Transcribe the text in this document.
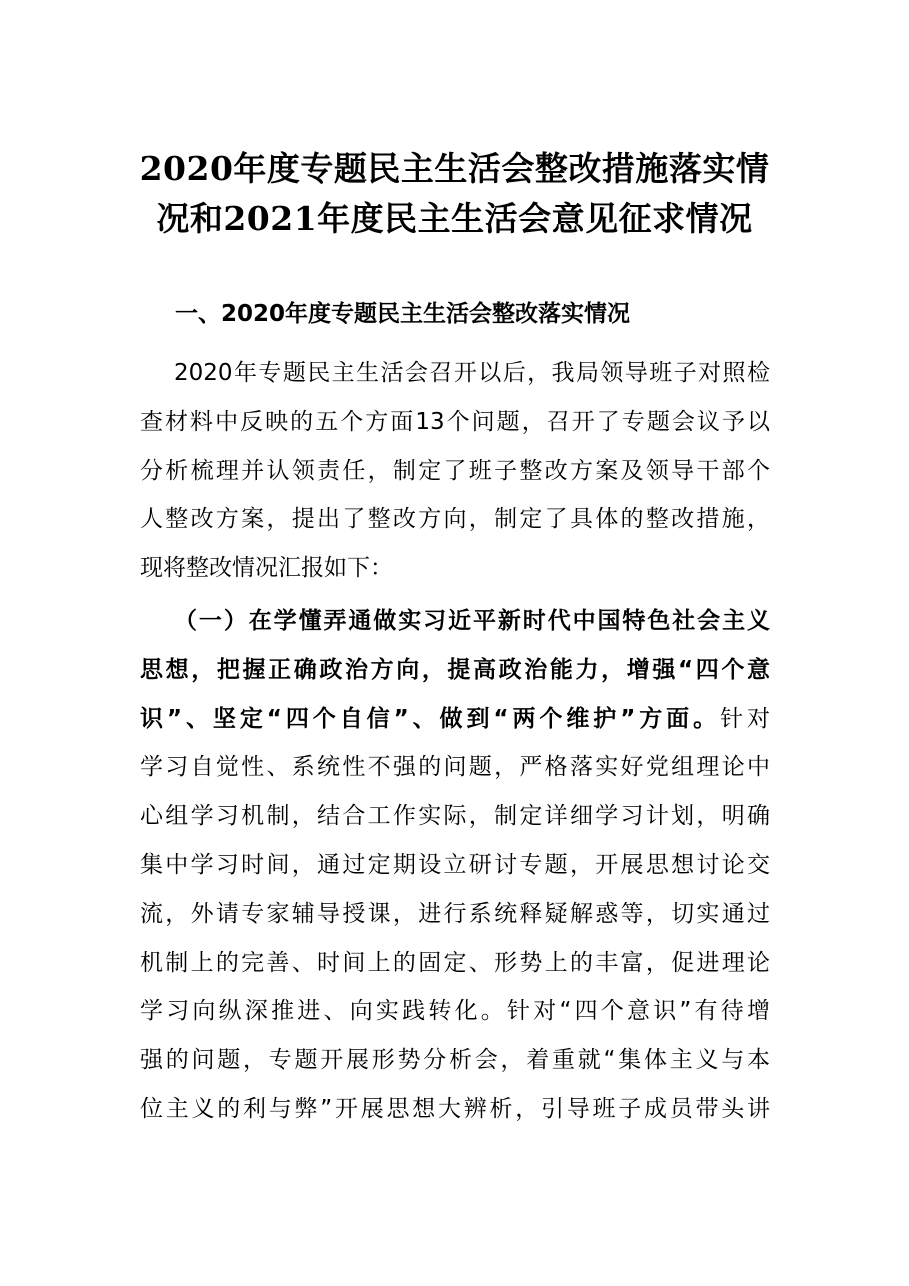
2020年度专题民主生活会整改措施落实情
况和2021年度民主生活会意见征求情况
一、2020年度专题民主生活会整改落实情况
2020年专题民主生活会召开以后，我局领导班子对照检
查材料中反映的五个方面13个问题，召开了专题会议予以
分析梳理并认领责任，制定了班子整改方案及领导干部个
人整改方案，提出了整改方向，制定了具体的整改措施，
现将整改情况汇报如下：
（一）在学懂弄通做实习近平新时代中国特色社会主义
思想，把握正确政治方向，提高政治能力，增强“四个意
识”、坚定“四个自信”、做到“两个维护”方面。针对
学习自觉性、系统性不强的问题，严格落实好党组理论中
心组学习机制，结合工作实际，制定详细学习计划，明确
集中学习时间，通过定期设立研讨专题，开展思想讨论交
流，外请专家辅导授课，进行系统释疑解惑等，切实通过
机制上的完善、时间上的固定、形势上的丰富，促进理论
学习向纵深推进、向实践转化。针对“四个意识”有待增
强的问题，专题开展形势分析会，着重就“集体主义与本
位主义的利与弊”开展思想大辨析，引导班子成员带头讲
